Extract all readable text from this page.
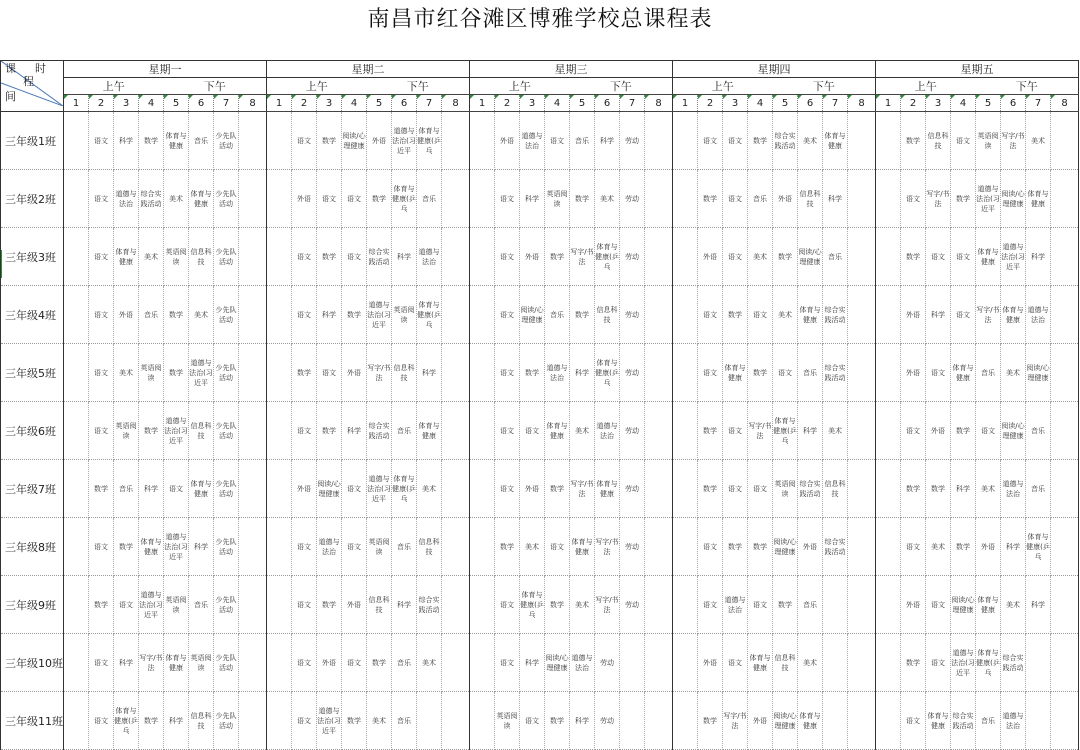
南昌市红谷滩区博雅学校总课程表
时
课
程
间	星期一								星期二								星期三								星期四								星期五							
	上午				下午				上午				下午				上午				下午				上午				下午				上午				下午			
	1	2	3	4	5	6	7	8	1	2	3	4	5	6	7	8	1	2	3	4	5	6	7	8	1	2	3	4	5	6	7	8	1	2	3	4	5	6	7	8
三年级1班		语文	科学	数学	体育与健康	音乐	少先队活动			语文	数学	阅读/心理健康	外语	道德与法治(习近平	体育与健康(乒乓			外语	道德与法治	语文	音乐	科学	劳动			语文	语文	数学	综合实践活动	美术	体育与健康			数学	信息科技	语文	英语阅读	写字/书法	美术	
三年级2班		语文	道德与法治	综合实践活动	美术	体育与健康	少先队活动			外语	语文	语文	数学	体育与健康(乒乓	音乐			语文	科学	英语阅读	数学	美术	劳动			数学	语文	音乐	外语	信息科技	科学			语文	写字/书法	数学	道德与法治(习近平	阅读/心理健康	体育与健康	
三年级3班		语文	体育与健康	美术	英语阅读	信息科技	少先队活动			语文	数学	语文	综合实践活动	科学	道德与法治			语文	外语	数学	写字/书法	体育与健康(乒乓	劳动			外语	语文	美术	数学	阅读/心理健康	音乐			数学	语文	语文	体育与健康	道德与法治(习近平	科学	
三年级4班		语文	外语	音乐	数学	美术	少先队活动			语文	科学	数学	道德与法治(习近平	英语阅读	体育与健康(乒乓			语文	阅读/心理健康	音乐	数学	信息科技	劳动			语文	数学	语文	美术	体育与健康	综合实践活动			外语	科学	语文	写字/书法	体育与健康	道德与法治	
三年级5班		语文	美术	英语阅读	数学	道德与法治(习近平	少先队活动			数学	语文	外语	写字/书法	信息科技	科学			语文	数学	道德与法治	科学	体育与健康(乒乓	劳动			语文	体育与健康	数学	语文	音乐	综合实践活动			外语	语文	体育与健康	音乐	美术	阅读/心理健康	
三年级6班		语文	英语阅读	数学	道德与法治(习近平	信息科技	少先队活动			语文	数学	科学	综合实践活动	音乐	体育与健康			语文	语文	体育与健康	美术	道德与法治	劳动			数学	语文	写字/书法	体育与健康(乒乓	科学	美术			语文	外语	数学	语文	阅读/心理健康	音乐	
三年级7班		数学	音乐	科学	语文	体育与健康	少先队活动			外语	阅读/心理健康	语文	道德与法治(习近平	体育与健康(乒乓	美术			语文	外语	数学	写字/书法	体育与健康	劳动			数学	语文	语文	英语阅读	综合实践活动	信息科技			数学	数学	科学	美术	道德与法治	音乐	
三年级8班		语文	数学	体育与健康	道德与法治(习近平	科学	少先队活动			语文	道德与法治	语文	英语阅读	音乐	信息科技			数学	美术	语文	体育与健康	写字/书法	劳动			语文	数学	数学	阅读/心理健康	外语	综合实践活动			语文	美术	数学	外语	科学	体育与健康(乒乓	
三年级9班		数学	语文	道德与法治(习近平	英语阅读	音乐	少先队活动			语文	数学	外语	信息科技	科学	综合实践活动			语文	体育与健康(乒乓	数学	美术	写字/书法	劳动			语文	道德与法治	语文	数学	音乐				外语	语文	阅读/心理健康	体育与健康	美术	科学	
三年级10班		语文	科学	写字/书法	体育与健康	英语阅读	少先队活动			语文	外语	语文	数学	音乐	美术			语文	科学	阅读/心理健康	道德与法治	劳动				外语	语文	体育与健康	信息科技	美术				数学	语文	道德与法治(习近平	体育与健康(乒乓	综合实践活动		
三年级11班		语文	体育与健康(乒乓	数学	科学	信息科技	少先队活动			语文	道德与法治(习近平	数学	美术	音乐				英语阅读	语文	数学	科学	劳动				数学	写字/书法	外语	阅读/心理健康	体育与健康				语文	体育与健康	综合实践活动	音乐	道德与法治		
